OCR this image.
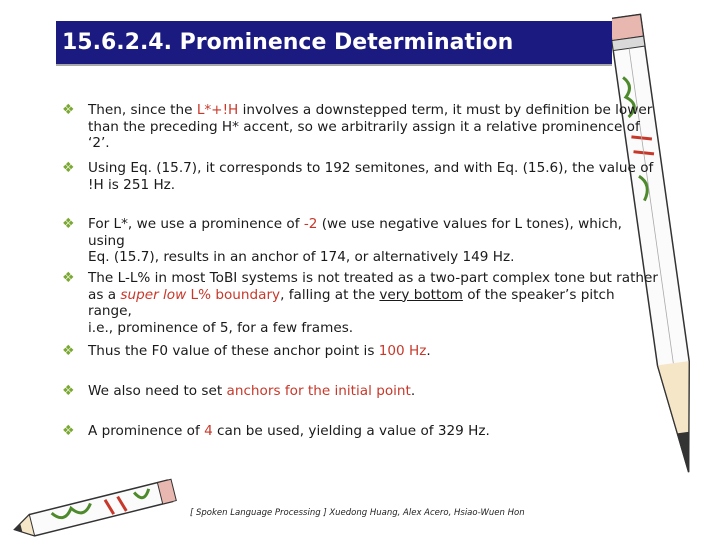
15.6.2.4. Prominence Determination
❖ Then, since the L*+!H involves a downstepped term, it must by definition be lower
than the preceding H* accent, so we arbitrarily assign it a relative prominence of ‘2’.
❖ Using Eq. (15.7), it corresponds to 192 semitones, and with Eq. (15.6), the value of
!H is 251 Hz.
❖ For L*, we use a prominence of -2 (we use negative values for L tones), which, using
Eq. (15.7), results in an anchor of 174, or alternatively 149 Hz.
❖ The L-L% in most ToBI systems is not treated as a two-part complex tone but rather
as a super low L% boundary, falling at the very bottom of the speaker’s pitch range,
i.e., prominence of 5, for a few frames.
❖ Thus the F0 value of these anchor point is 100 Hz.
❖ We also need to set anchors for the initial point.
❖ A prominence of 4 can be used, yielding a value of 329 Hz.
[ Spoken Language Processing ] Xuedong Huang, Alex Acero, Hsiao-Wuen Hon
